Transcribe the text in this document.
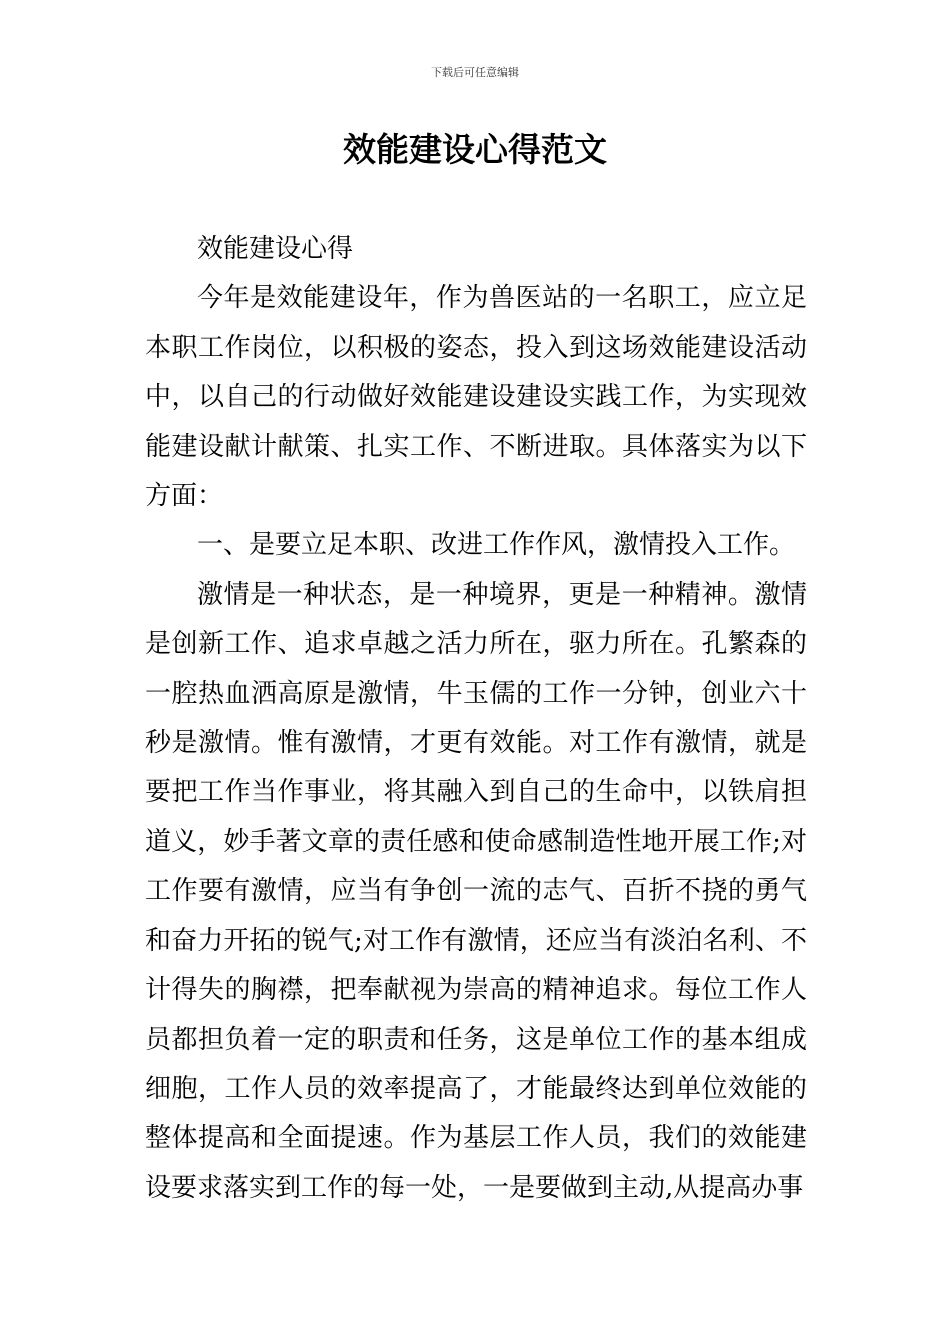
下载后可任意编辑
效能建设心得范文

效能建设心得

今年是效能建设年，作为兽医站的一名职工，应立足本职工作岗位，以积极的姿态，投入到这场效能建设活动中，以自己的行动做好效能建设建设实践工作，为实现效能建设献计献策、扎实工作、不断进取。具体落实为以下方面：

一、是要立足本职、改进工作作风，激情投入工作。

激情是一种状态，是一种境界，更是一种精神。激情是创新工作、追求卓越之活力所在，驱力所在。孔繁森的一腔热血洒高原是激情，牛玉儒的工作一分钟，创业六十秒是激情。惟有激情，才更有效能。对工作有激情，就是要把工作当作事业，将其融入到自己的生命中，以铁肩担道义，妙手著文章的责任感和使命感制造性地开展工作;对工作要有激情，应当有争创一流的志气、百折不挠的勇气和奋力开拓的锐气;对工作有激情，还应当有淡泊名利、不计得失的胸襟，把奉献视为崇高的精神追求。每位工作人员都担负着一定的职责和任务，这是单位工作的基本组成细胞，工作人员的效率提高了，才能最终达到单位效能的整体提高和全面提速。作为基层工作人员，我们的效能建设要求落实到工作的每一处，一是要做到主动,从提高办事
